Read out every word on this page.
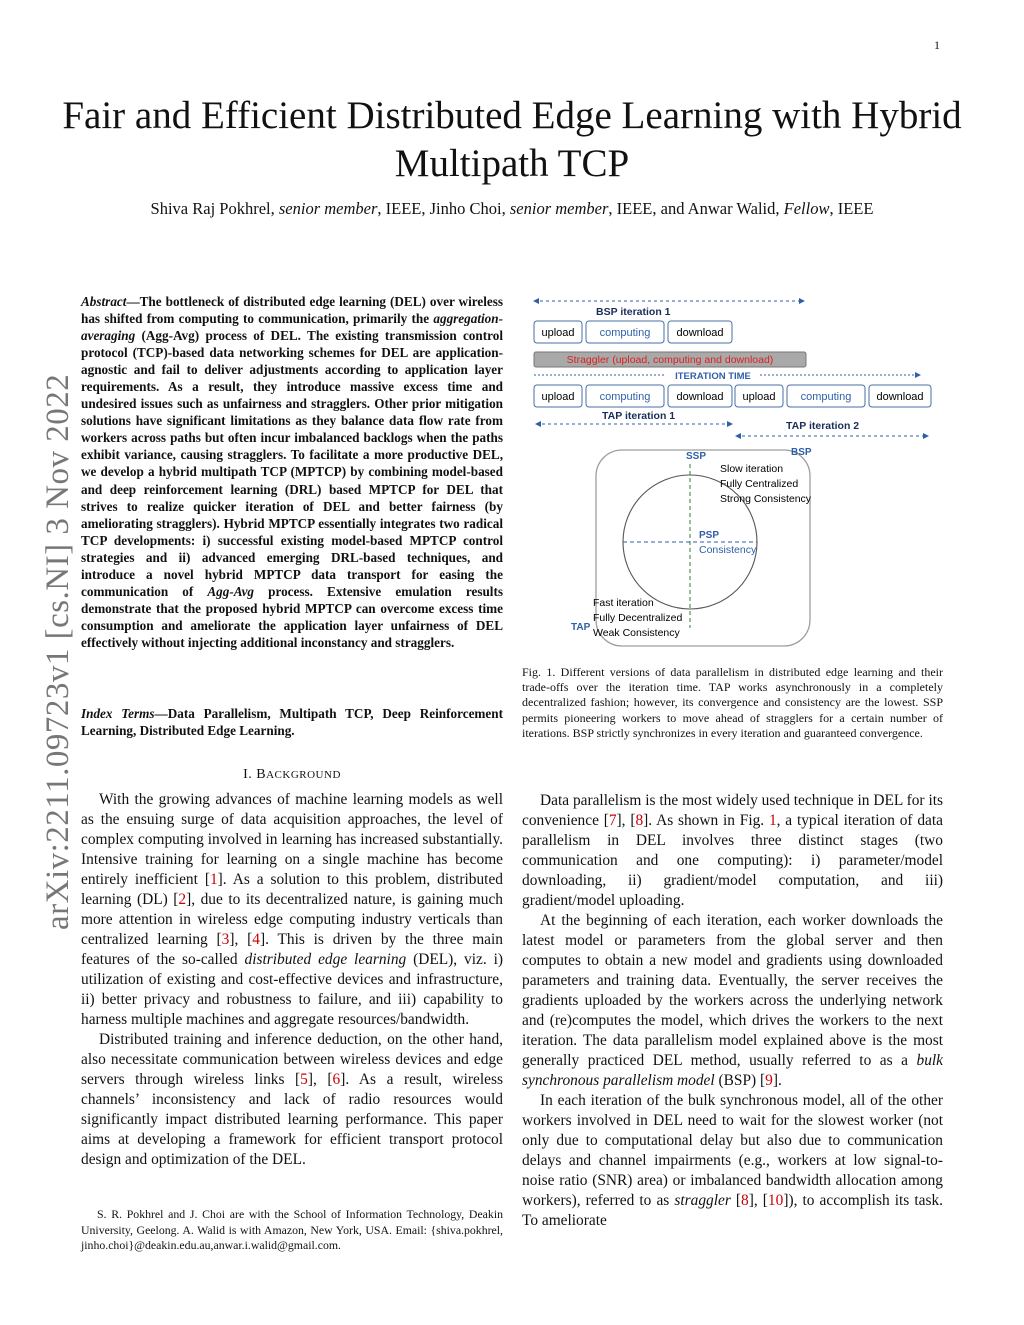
1
arXiv:2211.09723v1 [cs.NI] 3 Nov 2022
Fair and Efficient Distributed Edge Learning with Hybrid Multipath TCP
Shiva Raj Pokhrel, senior member, IEEE, Jinho Choi, senior member, IEEE, and Anwar Walid, Fellow, IEEE
Abstract—The bottleneck of distributed edge learning (DEL) over wireless has shifted from computing to communication, primarily the aggregation-averaging (Agg-Avg) process of DEL. The existing transmission control protocol (TCP)-based data networking schemes for DEL are application-agnostic and fail to deliver adjustments according to application layer requirements. As a result, they introduce massive excess time and undesired issues such as unfairness and stragglers. Other prior mitigation solutions have significant limitations as they balance data flow rate from workers across paths but often incur imbalanced backlogs when the paths exhibit variance, causing stragglers. To facilitate a more productive DEL, we develop a hybrid multipath TCP (MPTCP) by combining model-based and deep reinforcement learning (DRL) based MPTCP for DEL that strives to realize quicker iteration of DEL and better fairness (by ameliorating stragglers). Hybrid MPTCP essentially integrates two radical TCP developments: i) successful existing model-based MPTCP control strategies and ii) advanced emerging DRL-based techniques, and introduce a novel hybrid MPTCP data transport for easing the communication of Agg-Avg process. Extensive emulation results demonstrate that the proposed hybrid MPTCP can overcome excess time consumption and ameliorate the application layer unfairness of DEL effectively without injecting additional inconstancy and stragglers.
Index Terms—Data Parallelism, Multipath TCP, Deep Reinforcement Learning, Distributed Edge Learning.
I. BACKGROUND

With the growing advances of machine learning models as well as the ensuing surge of data acquisition approaches, the level of complex computing involved in learning has increased substantially. Intensive training for learning on a single machine has become entirely inefficient [1]. As a solution to this problem, distributed learning (DL) [2], due to its decentralized nature, is gaining much more attention in wireless edge computing industry verticals than centralized learning [3], [4]. This is driven by the three main features of the so-called distributed edge learning (DEL), viz. i) utilization of existing and cost-effective devices and infrastructure, ii) better privacy and robustness to failure, and iii) capability to harness multiple machines and aggregate resources/bandwidth.

Distributed training and inference deduction, on the other hand, also necessitate communication between wireless devices and edge servers through wireless links [5], [6]. As a result, wireless channels’ inconsistency and lack of radio resources would significantly impact distributed learning performance. This paper aims at developing a framework for efficient transport protocol design and optimization of the DEL.

S. R. Pokhrel and J. Choi are with the School of Information Technology, Deakin University, Geelong. A. Walid is with Amazon, New York, USA. Email: {shiva.pokhrel, jinho.choi}@deakin.edu.au,anwar.i.walid@gmail.com.

BSP iteration 1
upload computing download
Straggler (upload, computing and download)
ITERATION TIME
upload computing download upload computing download
TAP iteration 1
TAP iteration 2
SSP	BSP
Slow iteration
Fully Centralized
Strong Consistency
PSP
Consistency
Fast iteration
Fully Decentralized
Weak Consistency
TAP
Fig. 1. Different versions of data parallelism in distributed edge learning and their trade-offs over the iteration time. TAP works asynchronously in a completely decentralized fashion; however, its convergence and consistency are the lowest. SSP permits pioneering workers to move ahead of stragglers for a certain number of iterations. BSP strictly synchronizes in every iteration and guaranteed convergence.

Data parallelism is the most widely used technique in DEL for its convenience [7], [8]. As shown in Fig. 1, a typical iteration of data parallelism in DEL involves three distinct stages (two communication and one computing): i) parameter/model downloading, ii) gradient/model computation, and iii) gradient/model uploading.

At the beginning of each iteration, each worker downloads the latest model or parameters from the global server and then computes to obtain a new model and gradients using downloaded parameters and training data. Eventually, the server receives the gradients uploaded by the workers across the underlying network and (re)computes the model, which drives the workers to the next iteration. The data parallelism model explained above is the most generally practiced DEL method, usually referred to as a bulk synchronous parallelism model (BSP) [9].

In each iteration of the bulk synchronous model, all of the other workers involved in DEL need to wait for the slowest worker (not only due to computational delay but also due to communication delays and channel impairments (e.g., workers at low signal-to-noise ratio (SNR) area) or imbalanced bandwidth allocation among workers), referred to as straggler [8], [10]), to accomplish its task. To ameliorate
